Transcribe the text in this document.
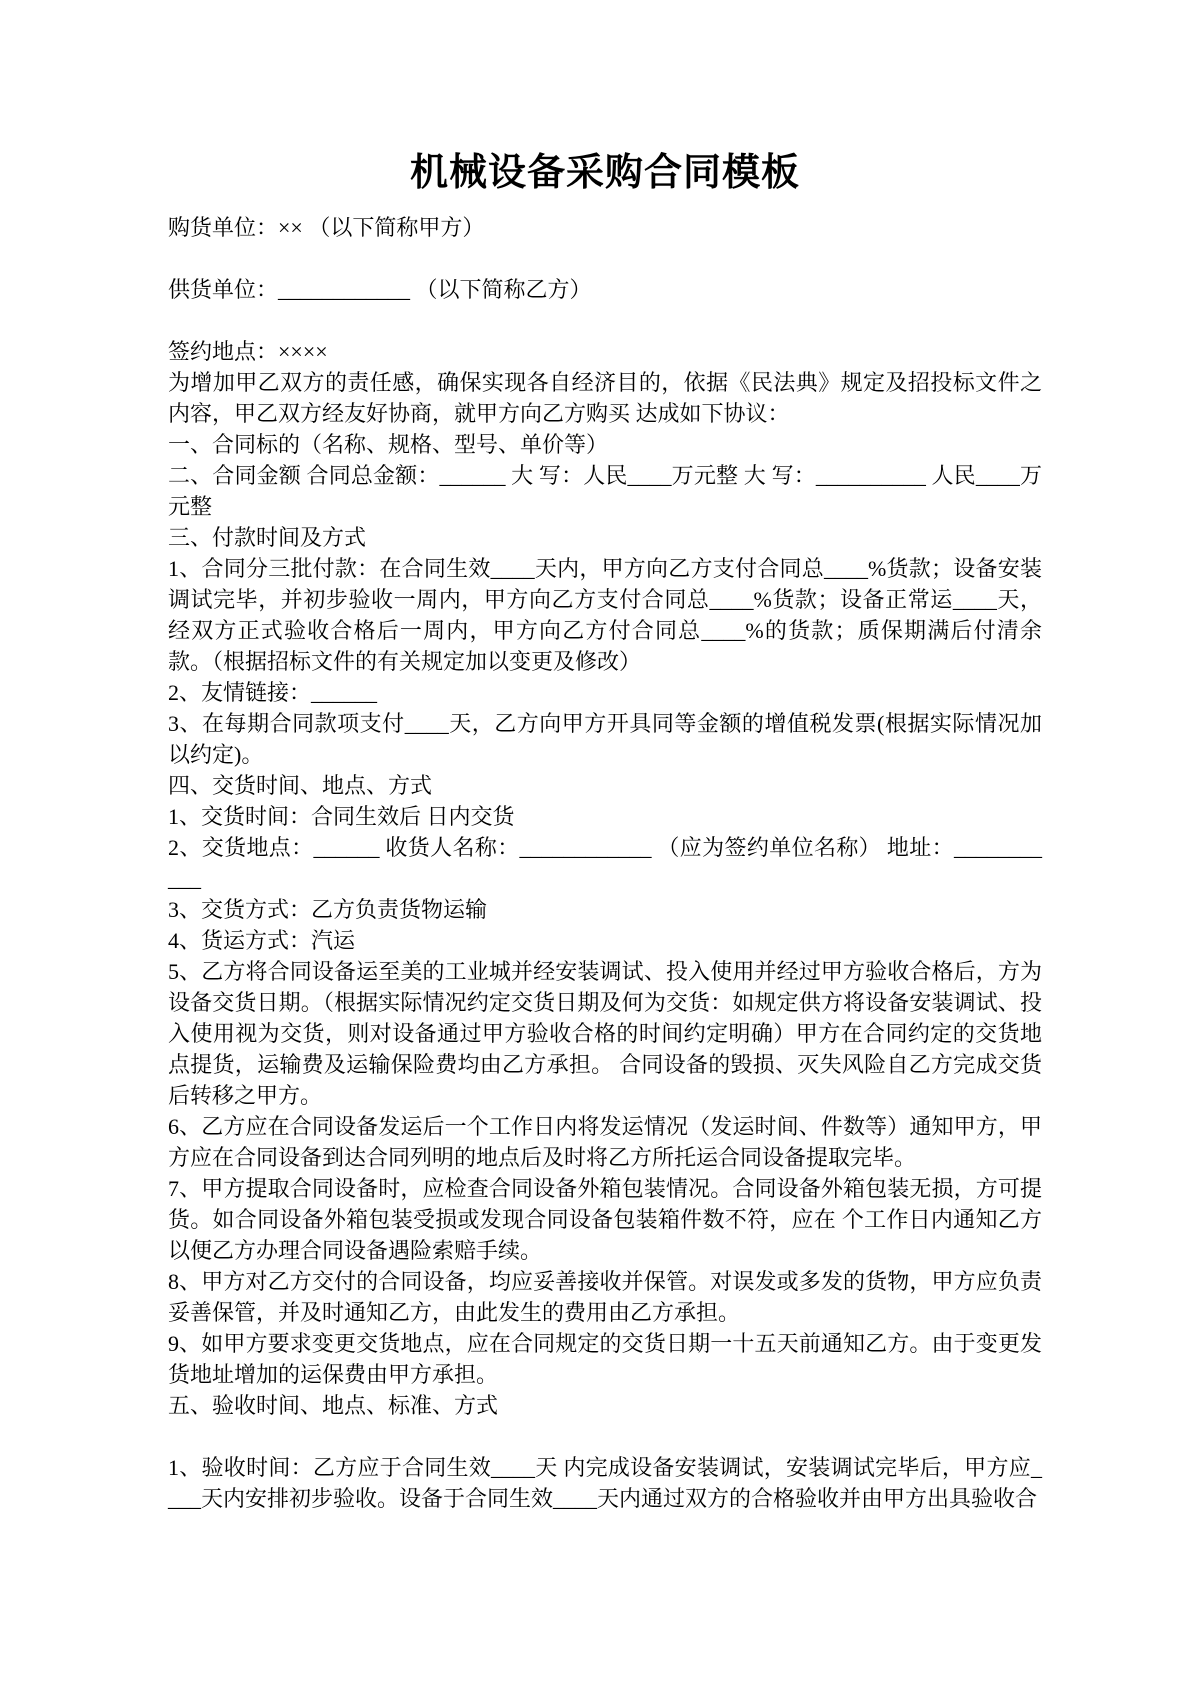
机械设备采购合同模板
购货单位：×× （以下简称甲方）
供货单位：____________ （以下简称乙方）
签约地点：××××
为增加甲乙双方的责任感，确保实现各自经济目的，依据《民法典》规定及招投标文件之内容，甲乙双方经友好协商，就甲方向乙方购买 达成如下协议：
一、合同标的（名称、规格、型号、单价等）
二、合同金额 合同总金额：______ 大 写：人民____万元整 大 写：__________ 人民____万元整
三、付款时间及方式
1、合同分三批付款：在合同生效____天内，甲方向乙方支付合同总____%货款；设备安装调试完毕，并初步验收一周内，甲方向乙方支付合同总____%货款；设备正常运____天，经双方正式验收合格后一周内，甲方向乙方付合同总____%的货款；质保期满后付清余款。（根据招标文件的有关规定加以变更及修改）
2、友情链接：______
3、在每期合同款项支付____天，乙方向甲方开具同等金额的增值税发票(根据实际情况加以约定)。
四、交货时间、地点、方式
1、交货时间：合同生效后 日内交货
2、交货地点：______ 收货人名称：____________ （应为签约单位名称） 地址：___________
3、交货方式：乙方负责货物运输
4、货运方式：汽运
5、乙方将合同设备运至美的工业城并经安装调试、投入使用并经过甲方验收合格后，方为设备交货日期。（根据实际情况约定交货日期及何为交货：如规定供方将设备安装调试、投入使用视为交货，则对设备通过甲方验收合格的时间约定明确）甲方在合同约定的交货地点提货，运输费及运输保险费均由乙方承担。 合同设备的毁损、灭失风险自乙方完成交货后转移之甲方。
6、乙方应在合同设备发运后一个工作日内将发运情况（发运时间、件数等）通知甲方，甲方应在合同设备到达合同列明的地点后及时将乙方所托运合同设备提取完毕。
7、甲方提取合同设备时，应检查合同设备外箱包装情况。合同设备外箱包装无损，方可提货。如合同设备外箱包装受损或发现合同设备包装箱件数不符，应在 个工作日内通知乙方以便乙方办理合同设备遇险索赔手续。
8、甲方对乙方交付的合同设备，均应妥善接收并保管。对误发或多发的货物，甲方应负责妥善保管，并及时通知乙方，由此发生的费用由乙方承担。
9、如甲方要求变更交货地点，应在合同规定的交货日期一十五天前通知乙方。由于变更发货地址增加的运保费由甲方承担。
五、验收时间、地点、标准、方式
1、验收时间：乙方应于合同生效____天 内完成设备安装调试，安装调试完毕后，甲方应____天内安排初步验收。设备于合同生效____天内通过双方的合格验收并由甲方出具验收合
